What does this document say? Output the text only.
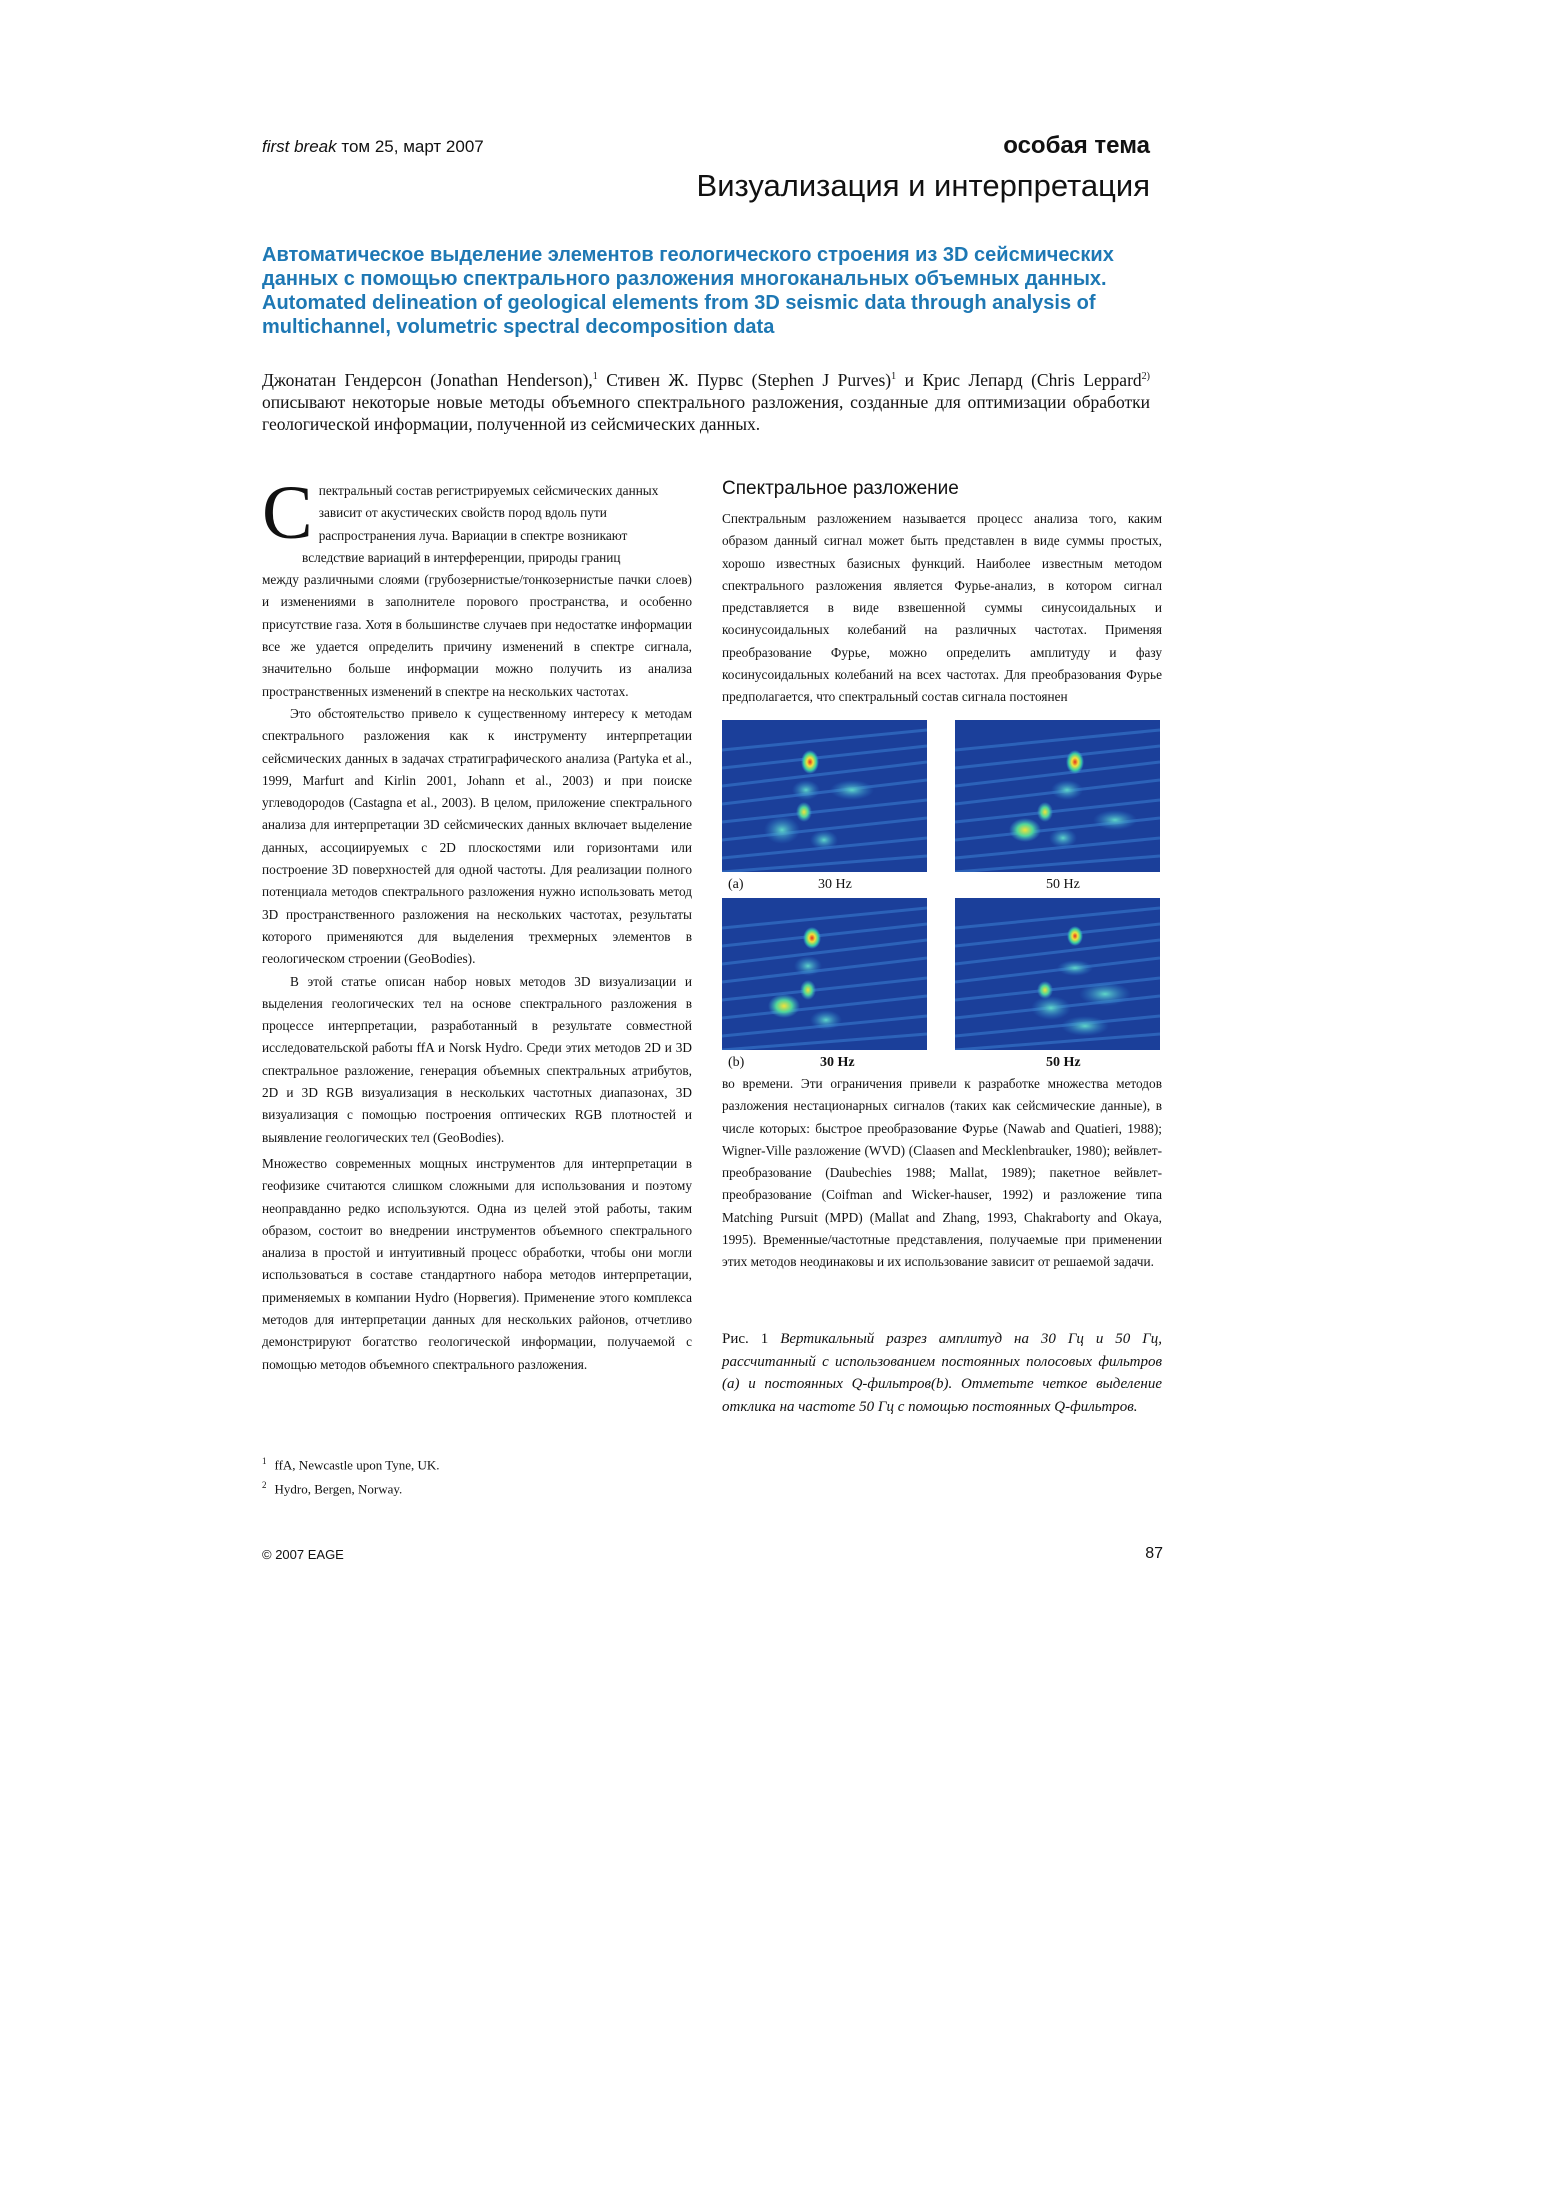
first break том 25, март 2007	особая тема
Визуализация и интерпретация
Автоматическое выделение элементов геологического строения из 3D сейсмических
данных с помощью спектрального разложения многоканальных объемных данных.
Automated delineation of geological elements from 3D seismic data through analysis of
multichannel, volumetric spectral decomposition data
Джонатан Гендерсон (Jonathan Henderson),$^1$ Стивен Ж. Пурвс (Stephen J Purves)$^1$ и Крис Лепард (Chris Leppard$^{2)}$ описывают некоторые новые методы объемного спектрального разложения, созданные для оптимизации обработки геологической информации, полученной из сейсмических данных.
С пектральный состав регистрируемых сейсмических данных
зависит от акустических свойств пород вдоль пути
распространения луча. Вариации в спектре возникают
вследствие вариаций в интерференции, природы границ

между различными слоями (грубозернистые/тонкозернистые пачки слоев) и изменениями в заполнителе порового пространства, и особенно присутствие газа. Хотя в большинстве случаев при недостатке информации все же удается определить причину изменений в спектре сигнала, значительно больше информации можно получить из анализа пространственных изменений в спектре на нескольких частотах.

Это обстоятельство привело к существенному интересу к методам спектрального разложения как к инструменту интерпретации сейсмических данных в задачах стратиграфического анализа (Partyka et al., 1999, Marfurt and Kirlin 2001, Johann et al., 2003) и при поиске углеводородов (Castagna et al., 2003). В целом, приложение спектрального анализа для интерпретации 3D сейсмических данных включает выделение данных, ассоциируемых с 2D плоскостями или горизонтами или построение 3D поверхностей для одной частоты. Для реализации полного потенциала методов спектрального разложения нужно использовать метод 3D пространственного разложения на нескольких частотах, результаты которого применяются для выделения трехмерных элементов в геологическом строении (GeoBodies).

В этой статье описан набор новых методов 3D визуализации и выделения геологических тел на основе спектрального разложения в процессе интерпретации, разработанный в результате совместной исследовательской работы ffA и Norsk Hydro. Среди этих методов 2D и 3D спектральное разложение, генерация объемных спектральных атрибутов, 2D и 3D RGB визуализация в нескольких частотных диапазонах, 3D визуализация с помощью построения оптических RGB плотностей и выявление геологических тел (GeoBodies).

Множество современных мощных инструментов для интерпретации в геофизике считаются слишком сложными для использования и поэтому неоправданно редко используются. Одна из целей этой работы, таким образом, состоит во внедрении инструментов объемного спектрального анализа в простой и интуитивный процесс обработки, чтобы они могли использоваться в составе стандартного набора методов интерпретации, применяемых в компании Hydro (Норвегия). Применение этого комплекса методов для интерпретации данных для нескольких районов, отчетливо демонстрируют богатство геологической информации, получаемой с помощью методов объемного спектрального разложения.

Спектральное разложение
Спектральным разложением называется процесс анализа того, каким образом данный сигнал может быть представлен в виде суммы простых, хорошо известных базисных функций. Наиболее известным методом спектрального разложения является Фурье-анализ, в котором сигнал представляется в виде взвешенной суммы синусоидальных и косинусоидальных колебаний на различных частотах. Применяя преобразование Фурье, можно определить амплитуду и фазу косинусоидальных колебаний на всех частотах. Для преобразования Фурье предполагается, что спектральный состав сигнала постоянен
(a)	30 Hz	50 Hz
(b)	30 Hz	50 Hz
во времени. Эти ограничения привели к разработке множества методов разложения нестационарных сигналов (таких как сейсмические данные), в числе которых: быстрое преобразование Фурье (Nawab and Quatieri, 1988); Wigner-Ville разложение (WVD) (Claasen and Mecklenbrauker, 1980); вейвлет-преобразование (Daubechies 1988; Mallat, 1989); пакетное вейвлет-преобразование (Coifman and Wicker-hauser, 1992) и разложение типа Matching Pursuit (MPD) (Mallat and Zhang, 1993, Chakraborty and Okaya, 1995). Временные/частотные представления, получаемые при применении этих методов неодинаковы и их использование зависит от решаемой задачи.
Рис. 1 Вертикальный разрез амплитуд на 30 Гц и 50 Гц, рассчитанный с использованием постоянных полосовых фильтров (a) и постоянных Q-фильтров(b). Отметьте четкое выделение отклика на частоте 50 Гц с помощью постоянных Q-фильтров.
$^1$ ffA, Newcastle upon Tyne, UK.
$^2$ Hydro, Bergen, Norway.
© 2007 EAGE	87
